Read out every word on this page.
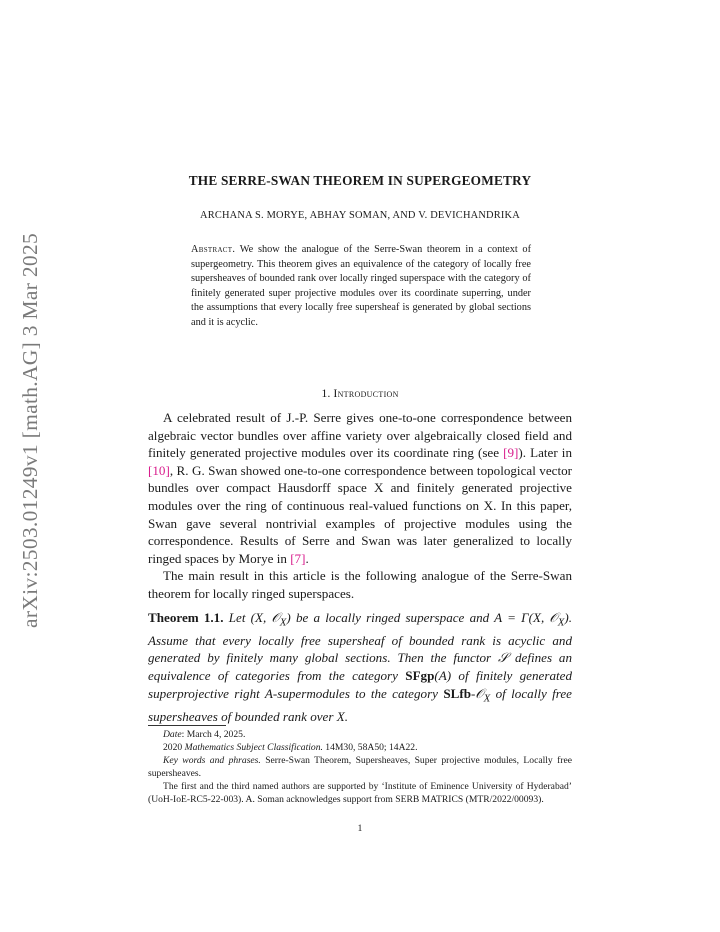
arXiv:2503.01249v1 [math.AG] 3 Mar 2025
THE SERRE-SWAN THEOREM IN SUPERGEOMETRY
ARCHANA S. MORYE, ABHAY SOMAN, AND V. DEVICHANDRIKA
Abstract. We show the analogue of the Serre-Swan theorem in a context of supergeometry. This theorem gives an equivalence of the category of locally free supersheaves of bounded rank over locally ringed superspace with the category of finitely generated super projective modules over its coordinate superring, under the assumptions that every locally free supersheaf is generated by global sections and it is acyclic.
1. Introduction

A celebrated result of J.-P. Serre gives one-to-one correspondence between algebraic vector bundles over affine variety over algebraically closed field and finitely generated projective modules over its coordinate ring (see [9]). Later in [10], R. G. Swan showed one-to-one correspondence between topological vector bundles over compact Hausdorff space X and finitely generated projective modules over the ring of continuous real-valued functions on X. In this paper, Swan gave several nontrivial examples of projective modules using the correspondence. Results of Serre and Swan was later generalized to locally ringed spaces by Morye in [7].

The main result in this article is the following analogue of the Serre-Swan theorem for locally ringed superspaces.

Theorem 1.1. Let (X, 𝒪$_X$) be a locally ringed superspace and A = Γ(X, 𝒪$_X$). Assume that every locally free supersheaf of bounded rank is acyclic and generated by finitely many global sections. Then the functor 𝒮 defines an equivalence of categories from the category SFgp(A) of finitely generated superprojective right A-supermodules to the category SLfb-𝒪$_X$ of locally free supersheaves of bounded rank over X.

Date: March 4, 2025.

2020 Mathematics Subject Classification. 14M30, 58A50; 14A22.

Key words and phrases. Serre-Swan Theorem, Supersheaves, Super projective modules, Locally free supersheaves.

The first and the third named authors are supported by ‘Institute of Eminence University of Hyderabad’ (UoH-IoE-RC5-22-003). A. Soman acknowledges support from SERB MATRICS (MTR/2022/00093).

1
